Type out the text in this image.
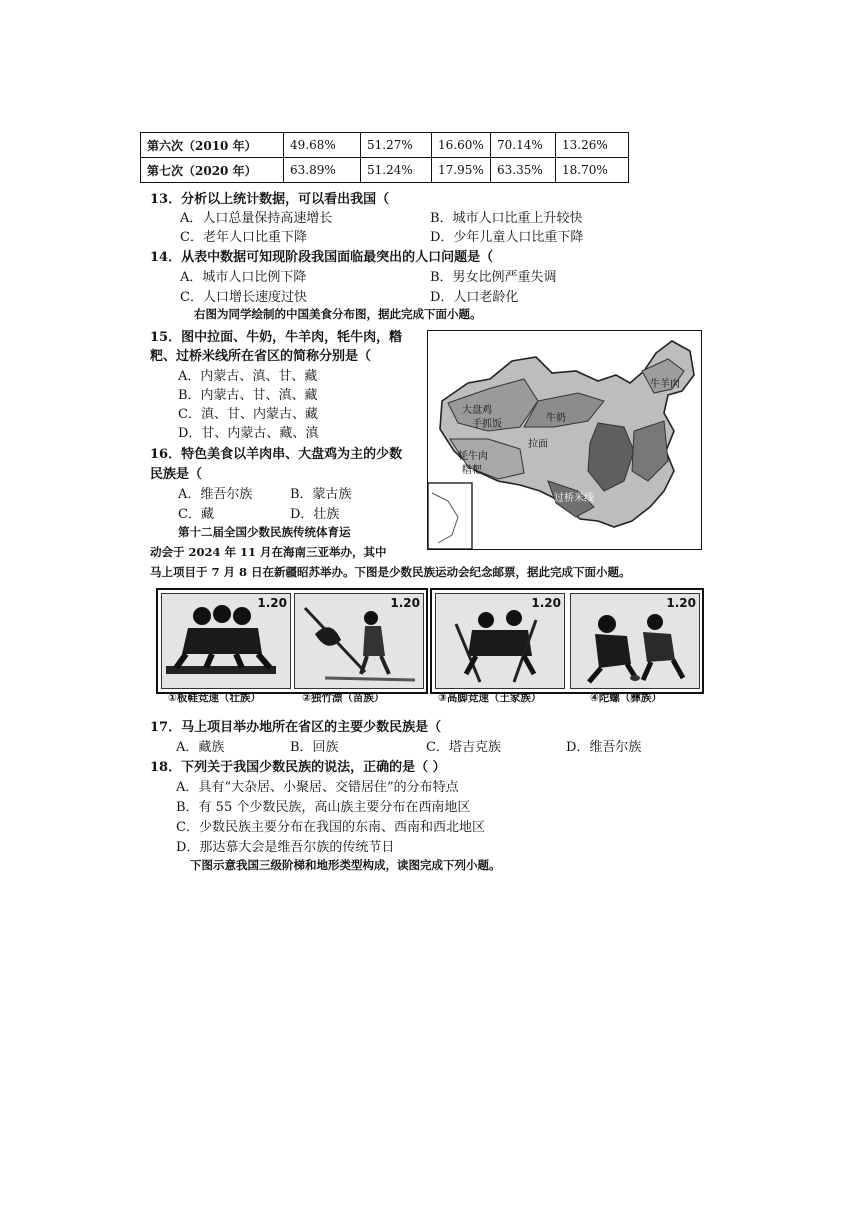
第六次（2010 年）	49.68%	51.27%	16.60%	70.14%	13.26%
第七次（2020 年）	63.89%	51.24%	17.95%	63.35%	18.70%
13．分析以上统计数据，可以看出我国（
A．人口总量保持高速增长	B．城市人口比重上升较快
C．老年人口比重下降	D．少年儿童人口比重下降
14．从表中数据可知现阶段我国面临最突出的人口问题是（
A．城市人口比例下降	B．男女比例严重失调
C．人口增长速度过快	D．人口老龄化
右图为同学绘制的中国美食分布图，据此完成下面小题。
15．图中拉面、牛奶，牛羊肉，牦牛肉，糌
粑、过桥米线所在省区的简称分别是（
A．内蒙古、滇、甘、藏
B．内蒙古、甘、滇、藏
C．滇、甘、内蒙古、藏
D．甘、内蒙古、藏、滇
16．特色美食以羊肉串、大盘鸡为主的少数
民族是（
A．维吾尔族	B．蒙古族
C．藏	D．壮族
大盘鸡
手抓饭
牛奶
牦牛肉
糌粑
拉面
牛羊肉
过桥米线
第十二届全国少数民族传统体育运
动会于 2024 年 11 月在海南三亚举办，其中
马上项目于 7 月 8 日在新疆昭苏举办。下图是少数民族运动会纪念邮票，据此完成下面小题。
1.20	1.20	1.20	1.20
①板鞋竞速（壮族）	②独竹漂（苗族）	③高脚竞速（土家族）	④陀螺（彝族）
17．马上项目举办地所在省区的主要少数民族是（
A．藏族	B．回族	C．塔吉克族	D．维吾尔族
18．下列关于我国少数民族的说法，正确的是（ ）
A．具有“大杂居、小聚居、交错居住”的分布特点
B．有 55 个少数民族，高山族主要分布在西南地区
C．少数民族主要分布在我国的东南、西南和西北地区
D．那达慕大会是维吾尔族的传统节日
下图示意我国三级阶梯和地形类型构成，读图完成下列小题。
